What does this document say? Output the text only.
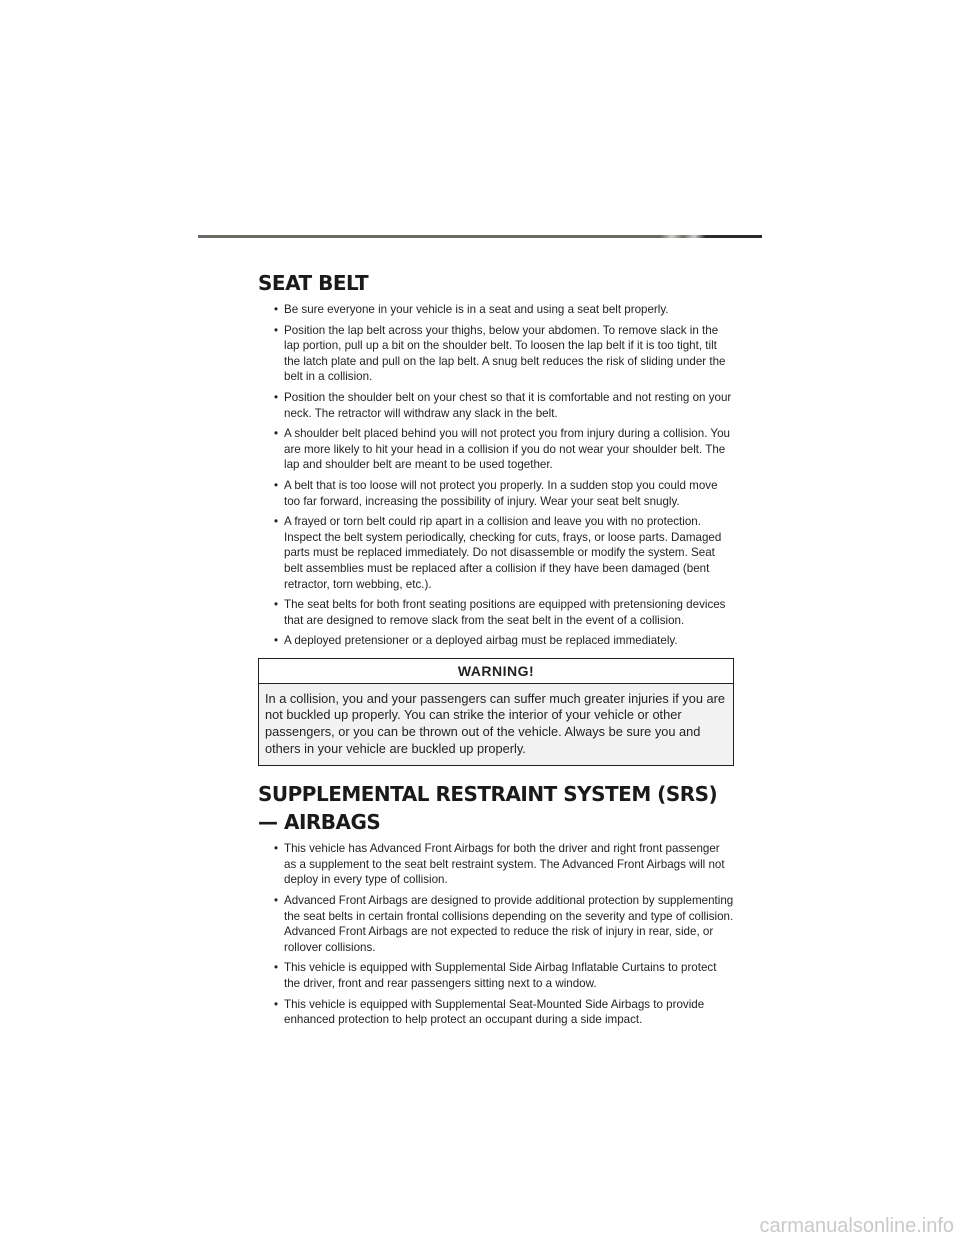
SEAT BELT
• Be sure everyone in your vehicle is in a seat and using a seat belt properly.
• Position the lap belt across your thighs, below your abdomen. To remove slack in the lap portion, pull up a bit on the shoulder belt. To loosen the lap belt if it is too tight, tilt the latch plate and pull on the lap belt. A snug belt reduces the risk of sliding under the belt in a collision.
• Position the shoulder belt on your chest so that it is comfortable and not resting on your neck. The retractor will withdraw any slack in the belt.
• A shoulder belt placed behind you will not protect you from injury during a collision. You are more likely to hit your head in a collision if you do not wear your shoulder belt. The lap and shoulder belt are meant to be used together.
• A belt that is too loose will not protect you properly. In a sudden stop you could move too far forward, increasing the possibility of injury. Wear your seat belt snugly.
• A frayed or torn belt could rip apart in a collision and leave you with no protection. Inspect the belt system periodically, checking for cuts, frays, or loose parts. Damaged parts must be replaced immediately. Do not disassemble or modify the system. Seat belt assemblies must be replaced after a collision if they have been damaged (bent retractor, torn webbing, etc.).
• The seat belts for both front seating positions are equipped with pretensioning devices that are designed to remove slack from the seat belt in the event of a collision.
• A deployed pretensioner or a deployed airbag must be replaced immediately.
WARNING!
In a collision, you and your passengers can suffer much greater injuries if you are not buckled up properly. You can strike the interior of your vehicle or other passengers, or you can be thrown out of the vehicle. Always be sure you and others in your vehicle are buckled up properly.
SUPPLEMENTAL RESTRAINT SYSTEM (SRS) — AIRBAGS
• This vehicle has Advanced Front Airbags for both the driver and right front passenger as a supplement to the seat belt restraint system. The Advanced Front Airbags will not deploy in every type of collision.
• Advanced Front Airbags are designed to provide additional protection by supplementing the seat belts in certain frontal collisions depending on the severity and type of collision. Advanced Front Airbags are not expected to reduce the risk of injury in rear, side, or rollover collisions.
• This vehicle is equipped with Supplemental Side Airbag Inflatable Curtains to protect the driver, front and rear passengers sitting next to a window.
• This vehicle is equipped with Supplemental Seat-Mounted Side Airbags to provide enhanced protection to help protect an occupant during a side impact.
carmanualsonline.info
